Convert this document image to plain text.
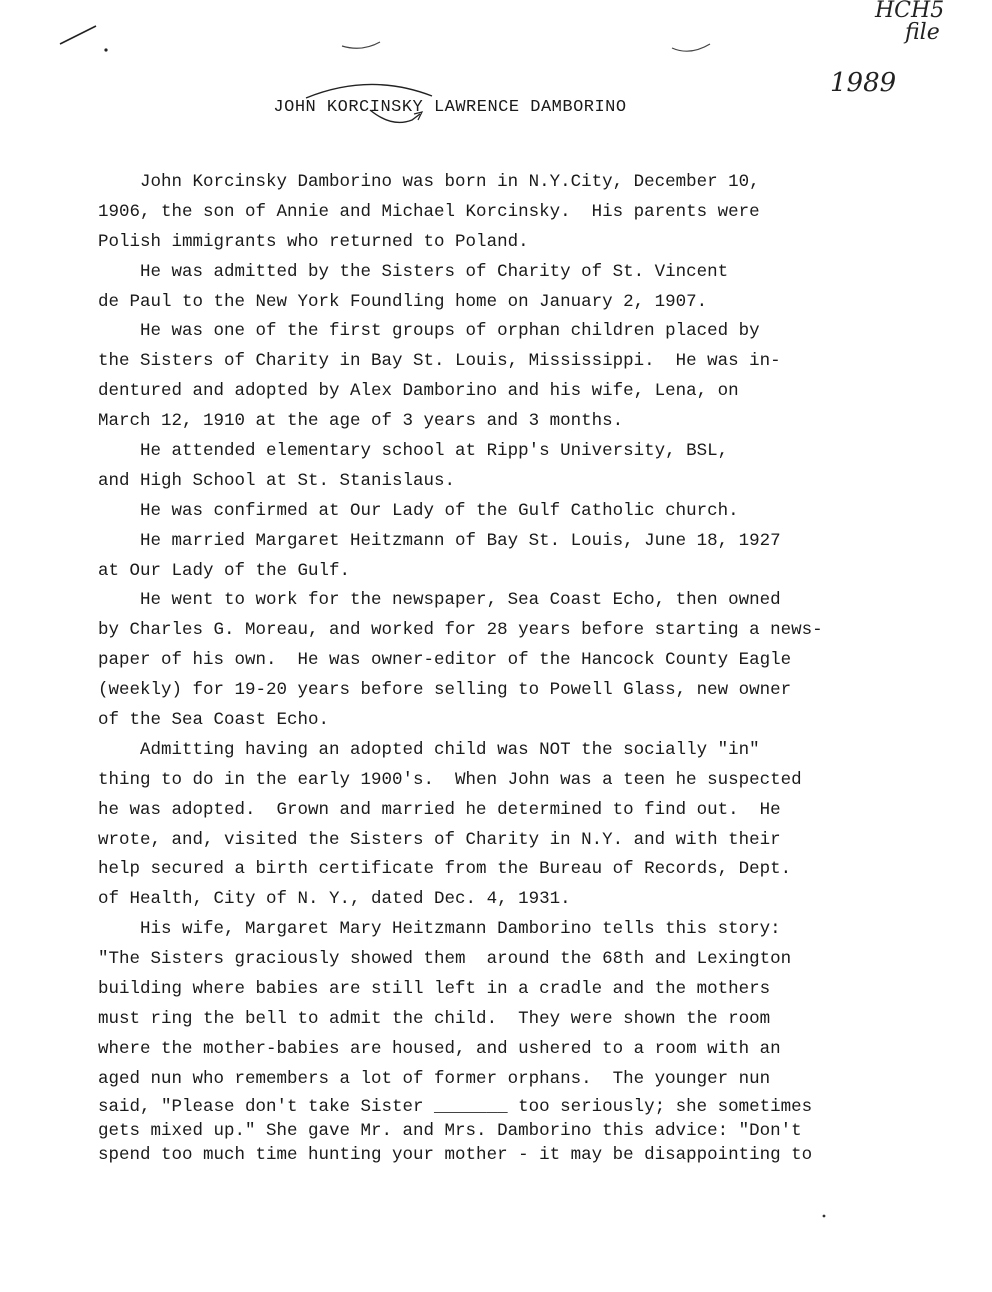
HCH5
file
1989
JOHN KORCINSKY LAWRENCE DAMBORINO
John Korcinsky Damborino was born in N.Y.City, December 10,
1906, the son of Annie and Michael Korcinsky.  His parents were
Polish immigrants who returned to Poland.
He was admitted by the Sisters of Charity of St. Vincent
de Paul to the New York Foundling home on January 2, 1907.
He was one of the first groups of orphan children placed by
the Sisters of Charity in Bay St. Louis, Mississippi.  He was in-
dentured and adopted by Alex Damborino and his wife, Lena, on
March 12, 1910 at the age of 3 years and 3 months.
He attended elementary school at Ripp's University, BSL,
and High School at St. Stanislaus.
He was confirmed at Our Lady of the Gulf Catholic church.
He married Margaret Heitzmann of Bay St. Louis, June 18, 1927
at Our Lady of the Gulf.
He went to work for the newspaper, Sea Coast Echo, then owned
by Charles G. Moreau, and worked for 28 years before starting a news-
paper of his own.  He was owner-editor of the Hancock County Eagle
(weekly) for 19-20 years before selling to Powell Glass, new owner
of the Sea Coast Echo.
Admitting having an adopted child was NOT the socially "in"
thing to do in the early 1900's.  When John was a teen he suspected
he was adopted.  Grown and married he determined to find out.  He
wrote, and, visited the Sisters of Charity in N.Y. and with their
help secured a birth certificate from the Bureau of Records, Dept.
of Health, City of N. Y., dated Dec. 4, 1931.
His wife, Margaret Mary Heitzmann Damborino tells this story:
"The Sisters graciously showed them  around the 68th and Lexington
building where babies are still left in a cradle and the mothers
must ring the bell to admit the child.  They were shown the room
where the mother-babies are housed, and ushered to a room with an
aged nun who remembers a lot of former orphans.  The younger nun
said, "Please don't take Sister _______ too seriously; she sometimes
gets mixed up." She gave Mr. and Mrs. Damborino this advice: "Don't
spend too much time hunting your mother - it may be disappointing to
